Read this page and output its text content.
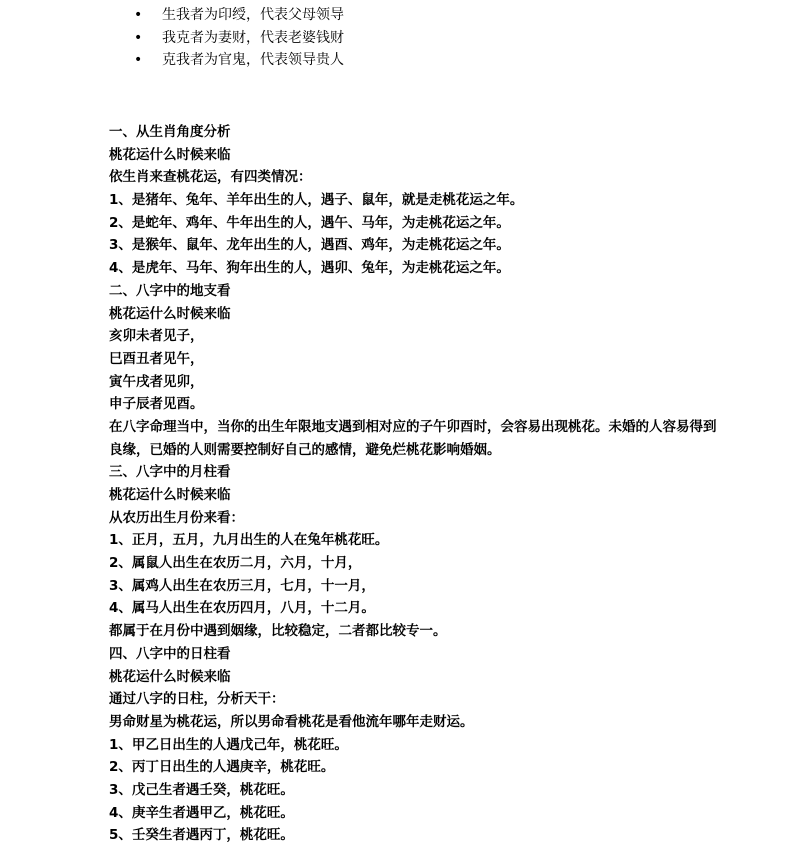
• 生我者为印绶，代表父母领导
• 我克者为妻财，代表老婆钱财
• 克我者为官鬼，代表领导贵人
一、从生肖角度分析
桃花运什么时候来临
依生肖来查桃花运，有四类情况：
1、是猪年、兔年、羊年出生的人，遇子、鼠年，就是走桃花运之年。
2、是蛇年、鸡年、牛年出生的人，遇午、马年，为走桃花运之年。
3、是猴年、鼠年、龙年出生的人，遇酉、鸡年，为走桃花运之年。
4、是虎年、马年、狗年出生的人，遇卯、兔年，为走桃花运之年。
二、八字中的地支看
桃花运什么时候来临
亥卯未者见子，
巳酉丑者见午，
寅午戌者见卯，
申子辰者见酉。
在八字命理当中，当你的出生年限地支遇到相对应的子午卯酉时，会容易出现桃花。未婚的人容易得到良缘，已婚的人则需要控制好自己的感情，避免烂桃花影响婚姻。
三、八字中的月柱看
桃花运什么时候来临
从农历出生月份来看：
1、正月，五月，九月出生的人在兔年桃花旺。
2、属鼠人出生在农历二月，六月，十月，
3、属鸡人出生在农历三月，七月，十一月，
4、属马人出生在农历四月，八月，十二月。
都属于在月份中遇到姻缘，比较稳定，二者都比较专一。
四、八字中的日柱看
桃花运什么时候来临
通过八字的日柱，分析天干：
男命财星为桃花运，所以男命看桃花是看他流年哪年走财运。
1、甲乙日出生的人遇戊己年，桃花旺。
2、丙丁日出生的人遇庚辛，桃花旺。
3、戊己生者遇壬癸，桃花旺。
4、庚辛生者遇甲乙，桃花旺。
5、壬癸生者遇丙丁，桃花旺。
